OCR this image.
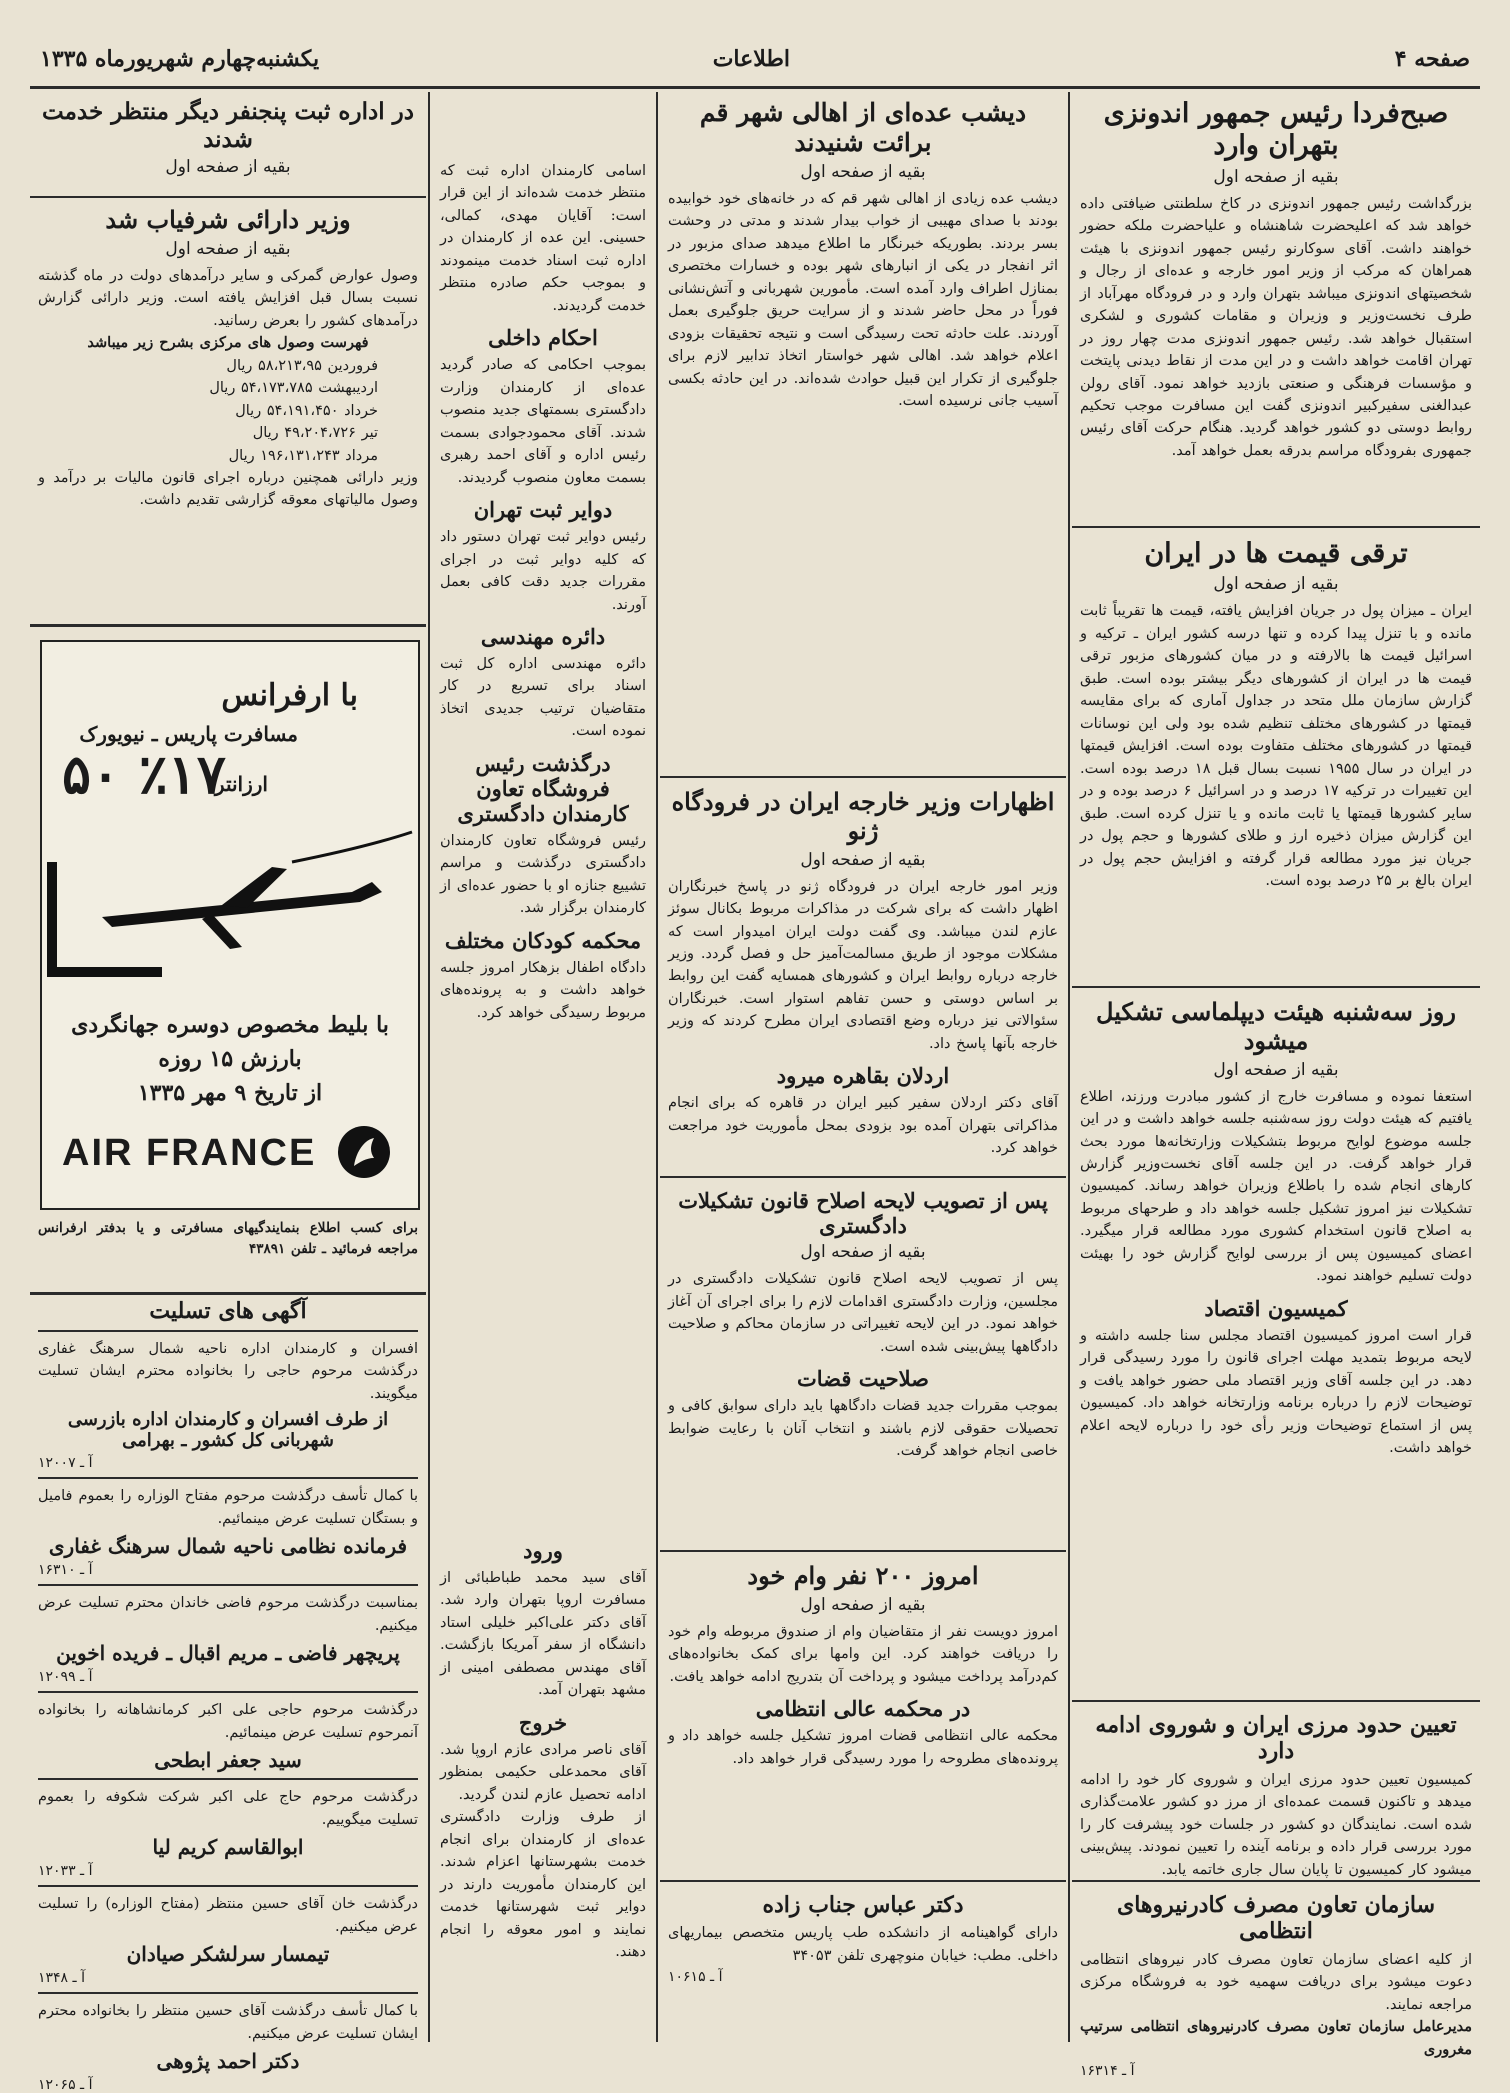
صفحه ۴
اطلاعات
یکشنبه‌چهارم شهریورماه ۱۳۳۵
صبح‌فردا رئیس جمهور اندونزی بتهران وارد
بقیه از صفحه اول
بزرگداشت رئیس جمهور اندونزی در کاخ سلطنتی ضیافتی داده خواهد شد که اعلیحضرت شاهنشاه و علیاحضرت ملکه حضور خواهند داشت. آقای سوکارنو رئیس جمهور اندونزی با هیئت همراهان که مرکب از وزیر امور خارجه و عده‌ای از رجال و شخصیتهای اندونزی میباشد بتهران وارد و در فرودگاه مهرآباد از طرف نخست‌وزیر و وزیران و مقامات کشوری و لشکری استقبال خواهد شد. رئیس جمهور اندونزی مدت چهار روز در تهران اقامت خواهد داشت و در این مدت از نقاط دیدنی پایتخت و مؤسسات فرهنگی و صنعتی بازدید خواهد نمود. آقای رولن عبدالغنی سفیرکبیر اندونزی گفت این مسافرت موجب تحکیم روابط دوستی دو کشور خواهد گردید. هنگام حرکت آقای رئیس جمهوری بفرودگاه مراسم بدرقه بعمل خواهد آمد.
ترقی قیمت ها در ایران
بقیه از صفحه اول
ایران ـ میزان پول در جریان افزایش یافته، قیمت ها تقریباً ثابت مانده و با تنزل پیدا کرده و تنها درسه کشور ایران ـ ترکیه و اسرائیل قیمت ها بالارفته و در میان کشورهای مزبور ترقی قیمت ها در ایران از کشورهای دیگر بیشتر بوده است. طبق گزارش سازمان ملل متحد در جداول آماری که برای مقایسه قیمتها در کشورهای مختلف تنظیم شده بود ولی این نوسانات قیمتها در کشورهای مختلف متفاوت بوده است. افزایش قیمتها در ایران در سال ۱۹۵۵ نسبت بسال قبل ۱۸ درصد بوده است. این تغییرات در ترکیه ۱۷ درصد و در اسرائیل ۶ درصد بوده و در سایر کشورها قیمتها یا ثابت مانده و یا تنزل کرده است. طبق این گزارش میزان ذخیره ارز و طلای کشورها و حجم پول در جریان نیز مورد مطالعه قرار گرفته و افزایش حجم پول در ایران بالغ بر ۲۵ درصد بوده است.
روز سه‌شنبه هیئت دیپلماسی تشکیل میشود
بقیه از صفحه اول
استعفا نموده و مسافرت خارج از کشور مبادرت ورزند، اطلاع یافتیم که هیئت دولت روز سه‌شنبه جلسه خواهد داشت و در این جلسه موضوع لوایح مربوط بتشکیلات وزارتخانه‌ها مورد بحث قرار خواهد گرفت. در این جلسه آقای نخست‌وزیر گزارش کارهای انجام شده را باطلاع وزیران خواهد رساند. کمیسیون تشکیلات نیز امروز تشکیل جلسه خواهد داد و طرحهای مربوط به اصلاح قانون استخدام کشوری مورد مطالعه قرار میگیرد. اعضای کمیسیون پس از بررسی لوایح گزارش خود را بهیئت دولت تسلیم خواهند نمود.
کمیسیون اقتصاد
قرار است امروز کمیسیون اقتصاد مجلس سنا جلسه داشته و لایحه مربوط بتمدید مهلت اجرای قانون را مورد رسیدگی قرار دهد. در این جلسه آقای وزیر اقتصاد ملی حضور خواهد یافت و توضیحات لازم را درباره برنامه وزارتخانه خواهد داد. کمیسیون پس از استماع توضیحات وزیر رأی خود را درباره لایحه اعلام خواهد داشت.
تعیین حدود مرزی ایران و شوروی ادامه دارد
کمیسیون تعیین حدود مرزی ایران و شوروی کار خود را ادامه میدهد و تاکنون قسمت عمده‌ای از مرز دو کشور علامت‌گذاری شده است. نمایندگان دو کشور در جلسات خود پیشرفت کار را مورد بررسی قرار داده و برنامه آینده را تعیین نمودند. پیش‌بینی میشود کار کمیسیون تا پایان سال جاری خاتمه یابد.
سازمان تعاون مصرف کادرنیروهای انتظامی
از کلیه اعضای سازمان تعاون مصرف کادر نیروهای انتظامی دعوت میشود برای دریافت سهمیه خود به فروشگاه مرکزی مراجعه نمایند.
مدیرعامل سازمان تعاون مصرف کادرنیروهای انتظامی سرتیپ مغروری
آ ـ ۱۶۳۱۴
دیشب عده‌ای از اهالی شهر قم برائت شنیدند
بقیه از صفحه اول
دیشب عده زیادی از اهالی شهر قم که در خانه‌های خود خوابیده بودند با صدای مهیبی از خواب بیدار شدند و مدتی در وحشت بسر بردند. بطوریکه خبرنگار ما اطلاع میدهد صدای مزبور در اثر انفجار در یکی از انبارهای شهر بوده و خسارات مختصری بمنازل اطراف وارد آمده است. مأمورین شهربانی و آتش‌نشانی فوراً در محل حاضر شدند و از سرایت حریق جلوگیری بعمل آوردند. علت حادثه تحت رسیدگی است و نتیجه تحقیقات بزودی اعلام خواهد شد. اهالی شهر خواستار اتخاذ تدابیر لازم برای جلوگیری از تکرار این قبیل حوادث شده‌اند. در این حادثه بکسی آسیب جانی نرسیده است.
اظهارات وزیر خارجه ایران در فرودگاه ژنو
بقیه از صفحه اول
وزیر امور خارجه ایران در فرودگاه ژنو در پاسخ خبرنگاران اظهار داشت که برای شرکت در مذاکرات مربوط بکانال سوئز عازم لندن میباشد. وی گفت دولت ایران امیدوار است که مشکلات موجود از طریق مسالمت‌آمیز حل و فصل گردد. وزیر خارجه درباره روابط ایران و کشورهای همسایه گفت این روابط بر اساس دوستی و حسن تفاهم استوار است. خبرنگاران سئوالاتی نیز درباره وضع اقتصادی ایران مطرح کردند که وزیر خارجه بآنها پاسخ داد.
اردلان بقاهره میرود
آقای دکتر اردلان سفیر کبیر ایران در قاهره که برای انجام مذاکراتی بتهران آمده بود بزودی بمحل مأموریت خود مراجعت خواهد کرد.
پس از تصویب لایحه اصلاح قانون تشکیلات دادگستری
بقیه از صفحه اول
پس از تصویب لایحه اصلاح قانون تشکیلات دادگستری در مجلسین، وزارت دادگستری اقدامات لازم را برای اجرای آن آغاز خواهد نمود. در این لایحه تغییراتی در سازمان محاکم و صلاحیت دادگاهها پیش‌بینی شده است.
صلاحیت قضات
بموجب مقررات جدید قضات دادگاهها باید دارای سوابق کافی و تحصیلات حقوقی لازم باشند و انتخاب آنان با رعایت ضوابط خاصی انجام خواهد گرفت.
امروز ۲۰۰ نفر وام خود
بقیه از صفحه اول
امروز دویست نفر از متقاضیان وام از صندوق مربوطه وام خود را دریافت خواهند کرد. این وامها برای کمک بخانواده‌های کم‌درآمد پرداخت میشود و پرداخت آن بتدریج ادامه خواهد یافت.
در محکمه عالی انتظامی
محکمه عالی انتظامی قضات امروز تشکیل جلسه خواهد داد و پرونده‌های مطروحه را مورد رسیدگی قرار خواهد داد.
دکتر عباس جناب زاده
دارای گواهینامه از دانشکده طب پاریس متخصص بیماریهای داخلی. مطب: خیابان منوچهری تلفن ۳۴۰۵۳
آ ـ ۱۰۶۱۵
در اداره ثبت پنجنفر دیگر منتظر خدمت شدند
بقیه از صفحه اول	اسامی کارمندان اداره ثبت که منتظر خدمت شده‌اند از این قرار است: آقایان مهدی، کمالی، حسینی. این عده از کارمندان در اداره ثبت اسناد خدمت مینمودند و بموجب حکم صادره منتظر خدمت گردیدند.
احکام داخلی
بموجب احکامی که صادر گردید عده‌ای از کارمندان وزارت دادگستری بسمتهای جدید منصوب شدند. آقای محمودجوادی بسمت رئیس اداره و آقای احمد رهبری بسمت معاون منصوب گردیدند.
دوایر ثبت تهران
رئیس دوایر ثبت تهران دستور داد که کلیه دوایر ثبت در اجرای مقررات جدید دقت کافی بعمل آورند.
دائره مهندسی
دائره مهندسی اداره کل ثبت اسناد برای تسریع در کار متقاضیان ترتیب جدیدی اتخاذ نموده است.
درگذشت رئیس فروشگاه تعاون کارمندان دادگستری
رئیس فروشگاه تعاون کارمندان دادگستری درگذشت و مراسم تشییع جنازه او با حضور عده‌ای از کارمندان برگزار شد.
محکمه کودکان مختلف
دادگاه اطفال بزهکار امروز جلسه خواهد داشت و به پرونده‌های مربوط رسیدگی خواهد کرد.
ورود
آقای سید محمد طباطبائی از مسافرت اروپا بتهران وارد شد. آقای دکتر علی‌اکبر خلیلی استاد دانشگاه از سفر آمریکا بازگشت. آقای مهندس مصطفی امینی از مشهد بتهران آمد.
خروج
آقای ناصر مرادی عازم اروپا شد. آقای محمدعلی حکیمی بمنظور ادامه تحصیل عازم لندن گردید.
از طرف وزارت دادگستری عده‌ای از کارمندان برای انجام خدمت بشهرستانها اعزام شدند. این کارمندان مأموریت دارند در دوایر ثبت شهرستانها خدمت نمایند و امور معوقه را انجام دهند.
وزیر دارائی شرفیاب شد
بقیه از صفحه اول
وصول عوارض گمرکی و سایر درآمدهای دولت در ماه گذشته نسبت بسال قبل افزایش یافته است. وزیر دارائی گزارش درآمدهای کشور را بعرض رسانید.
فهرست وصول های مرکزی بشرح زیر میباشد
فروردین ۵۸،۲۱۳،۹۵ ریال
اردیبهشت ۵۴،۱۷۳،۷۸۵ ریال
خرداد ۵۴،۱۹۱،۴۵۰ ریال
تیر ۴۹،۲۰۴،۷۲۶ ریال
مرداد ۱۹۶،۱۳۱،۲۴۳ ریال
وزیر دارائی همچنین درباره اجرای قانون مالیات بر درآمد و وصول مالیاتهای معوقه گزارشی تقدیم داشت.
با ارفرانس
مسافرت پاریس ـ نیویورک
۵۰ ٪۱۷
ارزانتر
با بلیط مخصوص دوسره جهانگردی
بارزش ۱۵ روزه
از تاریخ ۹ مهر ۱۳۳۵
AIR FRANCE
برای کسب اطلاع بنمایندگیهای مسافرتی و یا بدفتر ارفرانس مراجعه فرمائید ـ تلفن ۴۳۸۹۱
آگهی های تسلیت
افسران و کارمندان اداره ناحیه شمال سرهنگ غفاری درگذشت مرحوم حاجی را بخانواده محترم ایشان تسلیت میگویند.
از طرف افسران و کارمندان اداره بازرسی شهربانی کل کشور ـ بهرامی
آ ـ ۱۲۰۰۷
با کمال تأسف درگذشت مرحوم مفتاح الوزاره را بعموم فامیل و بستگان تسلیت عرض مینمائیم.
فرمانده نظامی ناحیه شمال سرهنگ غفاری
آ ـ ۱۶۳۱۰
بمناسبت درگذشت مرحوم فاضی خاندان محترم تسلیت عرض میکنیم.
پریچهر فاضی ـ مریم اقبال ـ فریده اخوین
آ ـ ۱۲۰۹۹
درگذشت مرحوم حاجی علی اکبر کرمانشاهانه را بخانواده آنمرحوم تسلیت عرض مینمائیم.
سید جعفر ابطحی
درگذشت مرحوم حاج علی اکبر شرکت شکوفه را بعموم تسلیت میگوییم.
ابوالقاسم کریم لیا
آ ـ ۱۲۰۳۳
درگذشت خان آقای حسین منتظر (مفتاح الوزاره) را تسلیت عرض میکنیم.
تیمسار سرلشکر صیادان
آ ـ ۱۳۴۸
با کمال تأسف درگذشت آقای حسین منتظر را بخانواده محترم ایشان تسلیت عرض میکنیم.
دکتر احمد پژوهی
آ ـ ۱۲۰۶۵
